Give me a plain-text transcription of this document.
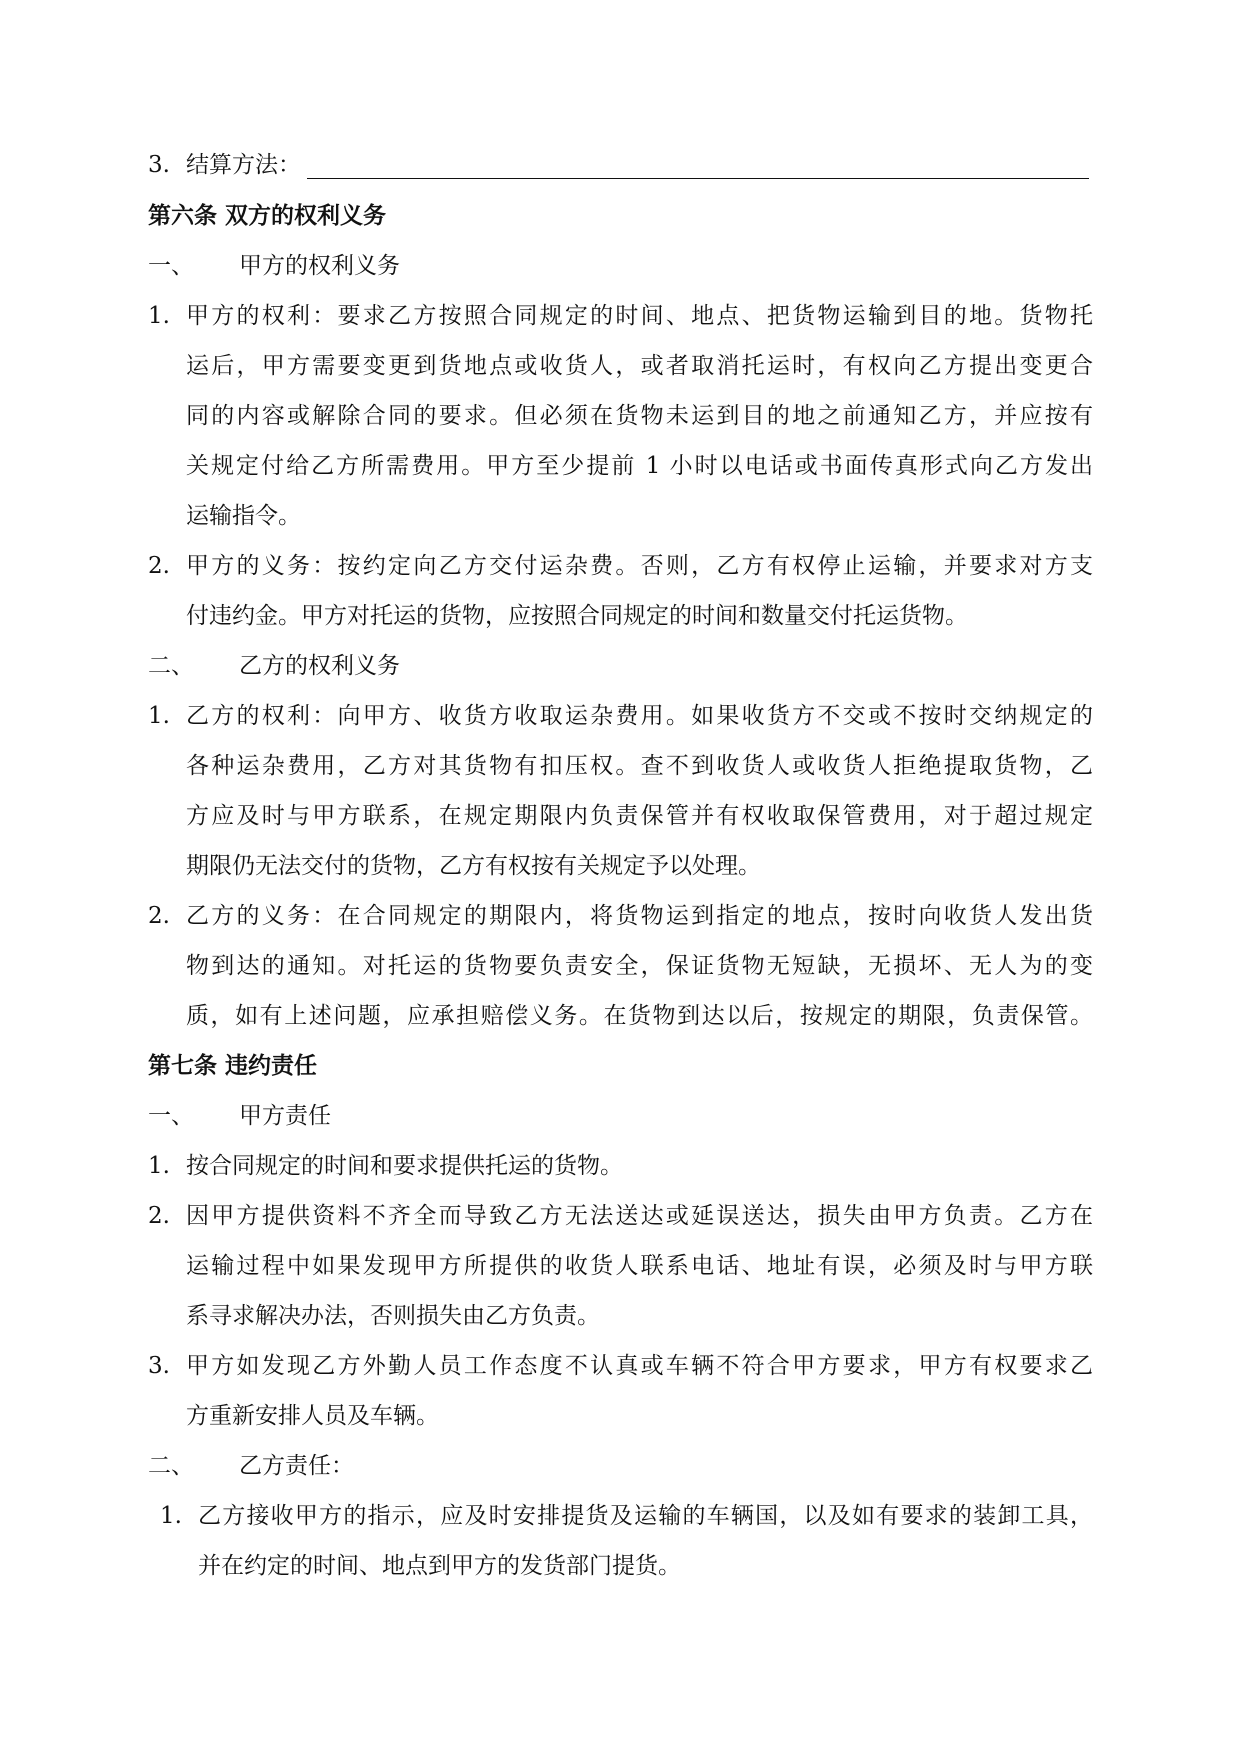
3. 结算方法：
第六条 双方的权利义务
一、 甲方的权利义务
1. 甲方的权利：要求乙方按照合同规定的时间、地点、把货物运输到目的地。货物托
运后，甲方需要变更到货地点或收货人，或者取消托运时，有权向乙方提出变更合
同的内容或解除合同的要求。但必须在货物未运到目的地之前通知乙方，并应按有
关规定付给乙方所需费用。甲方至少提前 1 小时以电话或书面传真形式向乙方发出
运输指令。
2. 甲方的义务：按约定向乙方交付运杂费。否则，乙方有权停止运输，并要求对方支
付违约金。甲方对托运的货物，应按照合同规定的时间和数量交付托运货物。
二、 乙方的权利义务
1. 乙方的权利：向甲方、收货方收取运杂费用。如果收货方不交或不按时交纳规定的
各种运杂费用，乙方对其货物有扣压权。查不到收货人或收货人拒绝提取货物，乙
方应及时与甲方联系，在规定期限内负责保管并有权收取保管费用，对于超过规定
期限仍无法交付的货物，乙方有权按有关规定予以处理。
2. 乙方的义务：在合同规定的期限内，将货物运到指定的地点，按时向收货人发出货
物到达的通知。对托运的货物要负责安全，保证货物无短缺，无损坏、无人为的变
质，如有上述问题，应承担赔偿义务。在货物到达以后，按规定的期限，负责保管。
第七条 违约责任
一、 甲方责任
1. 按合同规定的时间和要求提供托运的货物。
2. 因甲方提供资料不齐全而导致乙方无法送达或延误送达，损失由甲方负责。乙方在
运输过程中如果发现甲方所提供的收货人联系电话、地址有误，必须及时与甲方联
系寻求解决办法，否则损失由乙方负责。
3. 甲方如发现乙方外勤人员工作态度不认真或车辆不符合甲方要求，甲方有权要求乙
方重新安排人员及车辆。
二、 乙方责任：
1. 乙方接收甲方的指示，应及时安排提货及运输的车辆国，以及如有要求的装卸工具，
并在约定的时间、地点到甲方的发货部门提货。
